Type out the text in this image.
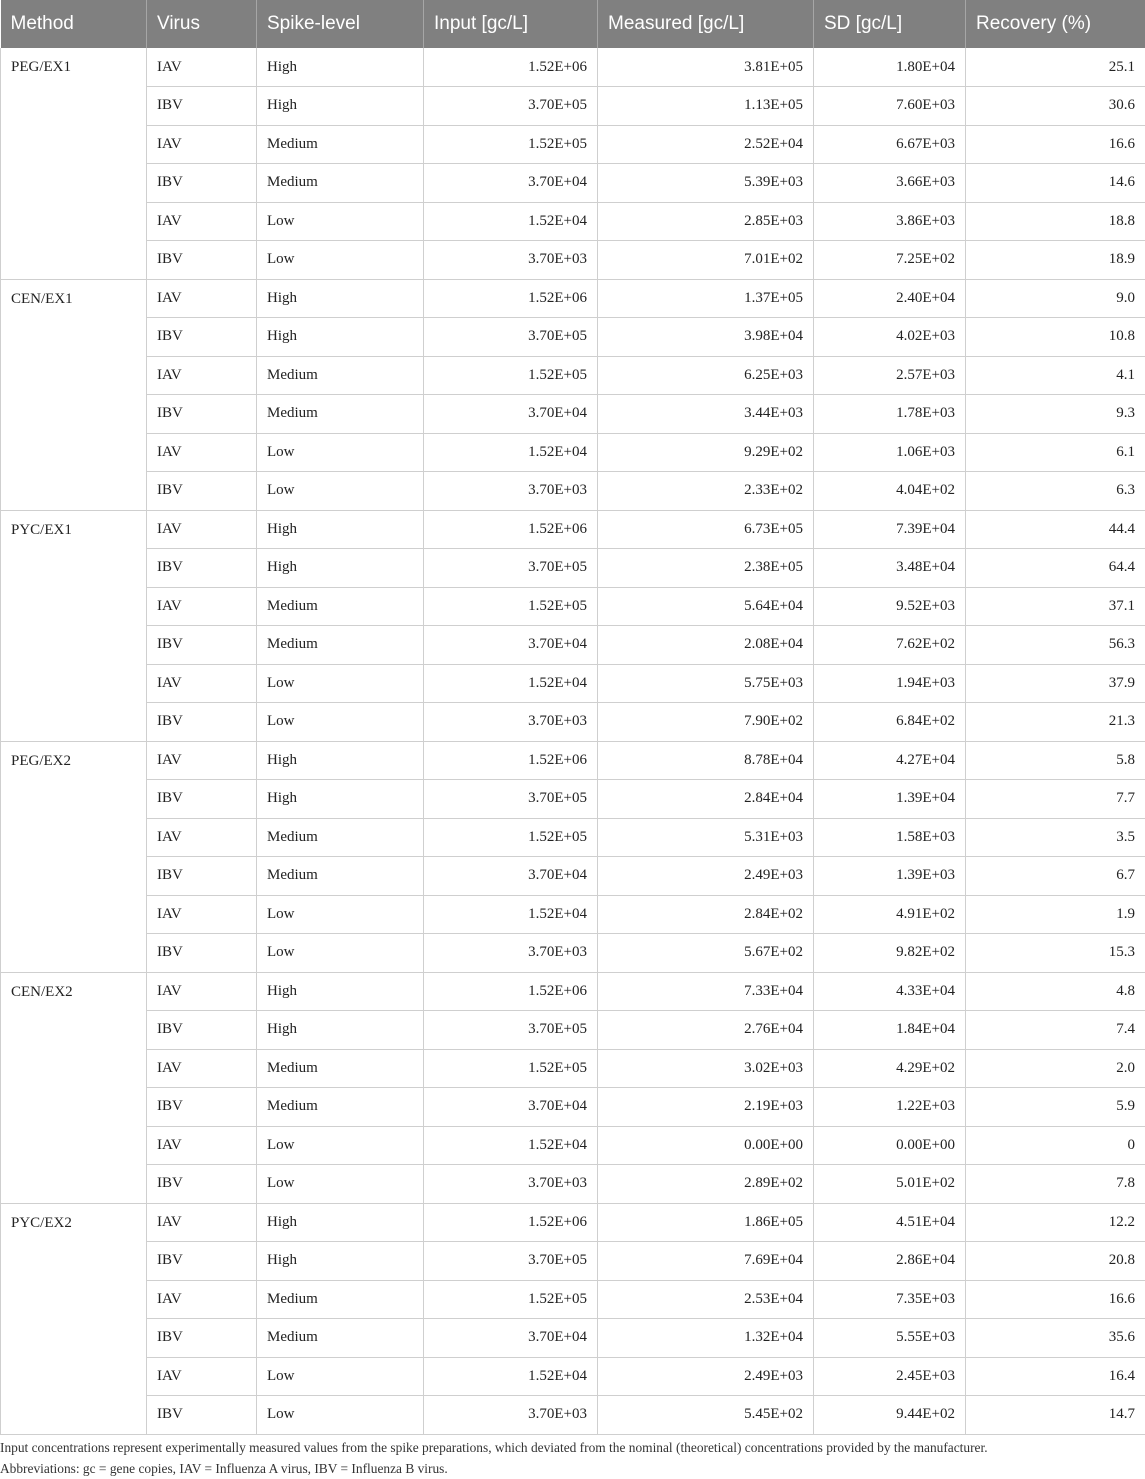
Method	Virus	Spike-level	Input [gc/L]	Measured [gc/L]	SD [gc/L]	Recovery (%)
PEG/EX1	IAV	High	1.52E+06	3.81E+05	1.80E+04	25.1
	IBV	High	3.70E+05	1.13E+05	7.60E+03	30.6
	IAV	Medium	1.52E+05	2.52E+04	6.67E+03	16.6
	IBV	Medium	3.70E+04	5.39E+03	3.66E+03	14.6
	IAV	Low	1.52E+04	2.85E+03	3.86E+03	18.8
	IBV	Low	3.70E+03	7.01E+02	7.25E+02	18.9
CEN/EX1	IAV	High	1.52E+06	1.37E+05	2.40E+04	9.0
	IBV	High	3.70E+05	3.98E+04	4.02E+03	10.8
	IAV	Medium	1.52E+05	6.25E+03	2.57E+03	4.1
	IBV	Medium	3.70E+04	3.44E+03	1.78E+03	9.3
	IAV	Low	1.52E+04	9.29E+02	1.06E+03	6.1
	IBV	Low	3.70E+03	2.33E+02	4.04E+02	6.3
PYC/EX1	IAV	High	1.52E+06	6.73E+05	7.39E+04	44.4
	IBV	High	3.70E+05	2.38E+05	3.48E+04	64.4
	IAV	Medium	1.52E+05	5.64E+04	9.52E+03	37.1
	IBV	Medium	3.70E+04	2.08E+04	7.62E+02	56.3
	IAV	Low	1.52E+04	5.75E+03	1.94E+03	37.9
	IBV	Low	3.70E+03	7.90E+02	6.84E+02	21.3
PEG/EX2	IAV	High	1.52E+06	8.78E+04	4.27E+04	5.8
	IBV	High	3.70E+05	2.84E+04	1.39E+04	7.7
	IAV	Medium	1.52E+05	5.31E+03	1.58E+03	3.5
	IBV	Medium	3.70E+04	2.49E+03	1.39E+03	6.7
	IAV	Low	1.52E+04	2.84E+02	4.91E+02	1.9
	IBV	Low	3.70E+03	5.67E+02	9.82E+02	15.3
CEN/EX2	IAV	High	1.52E+06	7.33E+04	4.33E+04	4.8
	IBV	High	3.70E+05	2.76E+04	1.84E+04	7.4
	IAV	Medium	1.52E+05	3.02E+03	4.29E+02	2.0
	IBV	Medium	3.70E+04	2.19E+03	1.22E+03	5.9
	IAV	Low	1.52E+04	0.00E+00	0.00E+00	0
	IBV	Low	3.70E+03	2.89E+02	5.01E+02	7.8
PYC/EX2	IAV	High	1.52E+06	1.86E+05	4.51E+04	12.2
	IBV	High	3.70E+05	7.69E+04	2.86E+04	20.8
	IAV	Medium	1.52E+05	2.53E+04	7.35E+03	16.6
	IBV	Medium	3.70E+04	1.32E+04	5.55E+03	35.6
	IAV	Low	1.52E+04	2.49E+03	2.45E+03	16.4
	IBV	Low	3.70E+03	5.45E+02	9.44E+02	14.7

Input concentrations represent experimentally measured values from the spike preparations, which deviated from the nominal (theoretical) concentrations provided by the manufacturer.

Abbreviations: gc = gene copies, IAV = Influenza A virus, IBV = Influenza B virus.
